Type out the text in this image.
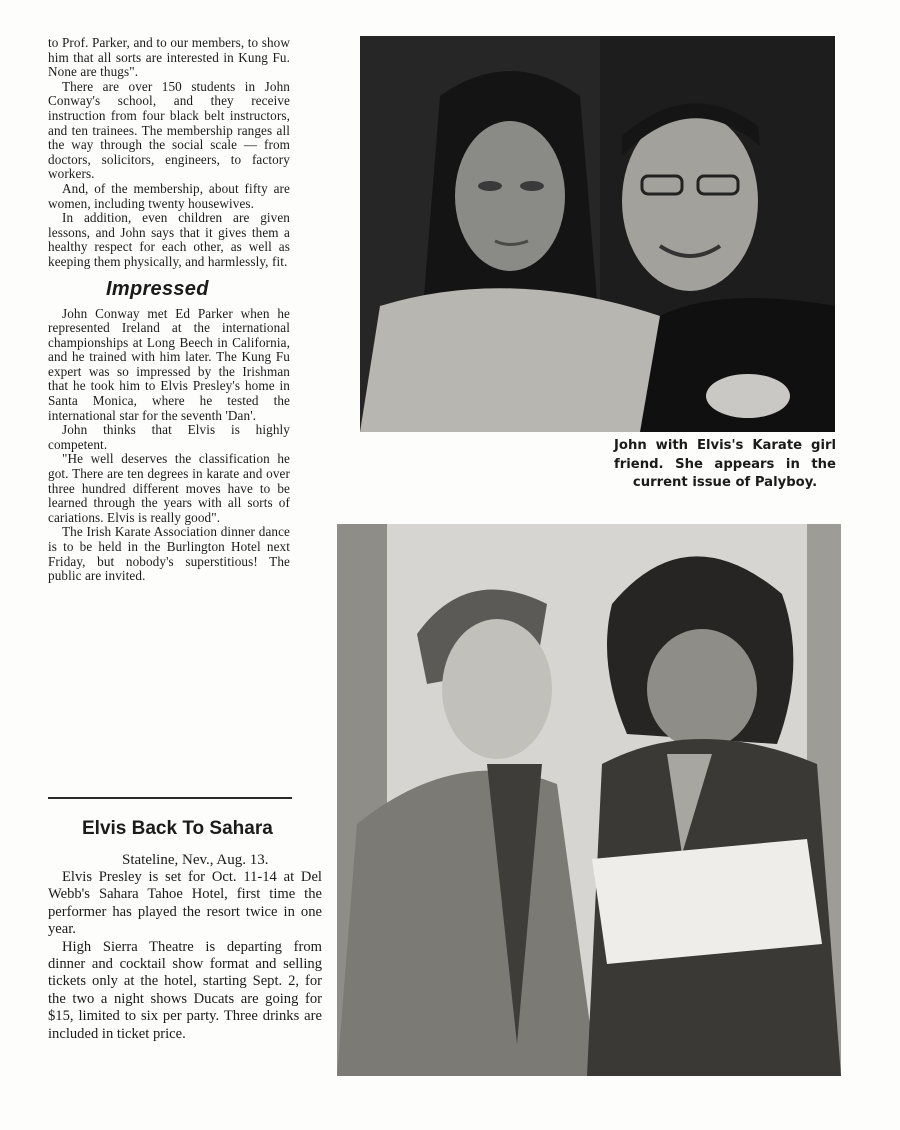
to Prof. Parker, and to our members, to show him that all sorts are interested in Kung Fu. None are thugs".

There are over 150 students in John Conway's school, and they receive instruction from four black belt instructors, and ten trainees. The membership ranges all the way through the social scale — from doctors, solicitors, engineers, to factory workers.

And, of the membership, about fifty are women, including twenty housewives.

In addition, even children are given lessons, and John says that it gives them a healthy respect for each other, as well as keeping them physically, and harmlessly, fit.

Impressed

John Conway met Ed Parker when he represented Ireland at the international championships at Long Beech in California, and he trained with him later. The Kung Fu expert was so impressed by the Irishman that he took him to Elvis Presley's home in Santa Monica, where he tested the international star for the seventh 'Dan'.

John thinks that Elvis is highly competent.

"He well deserves the classification he got. There are ten degrees in karate and over three hundred different moves have to be learned through the years with all sorts of cariations. Elvis is really good".

The Irish Karate Association dinner dance is to be held in the Burlington Hotel next Friday, but nobody's superstitious! The public are invited.

Elvis Back To Sahara
Stateline, Nev., Aug. 13.

Elvis Presley is set for Oct. 11-14 at Del Webb's Sahara Tahoe Hotel, first time the performer has played the resort twice in one year.

High Sierra Theatre is departing from dinner and cocktail show format and selling tickets only at the hotel, starting Sept. 2, for the two a night shows Ducats are going for $15, limited to six per party. Three drinks are included in ticket price.

John with Elvis's Karate girl friend. She appears in the current issue of Palyboy.
